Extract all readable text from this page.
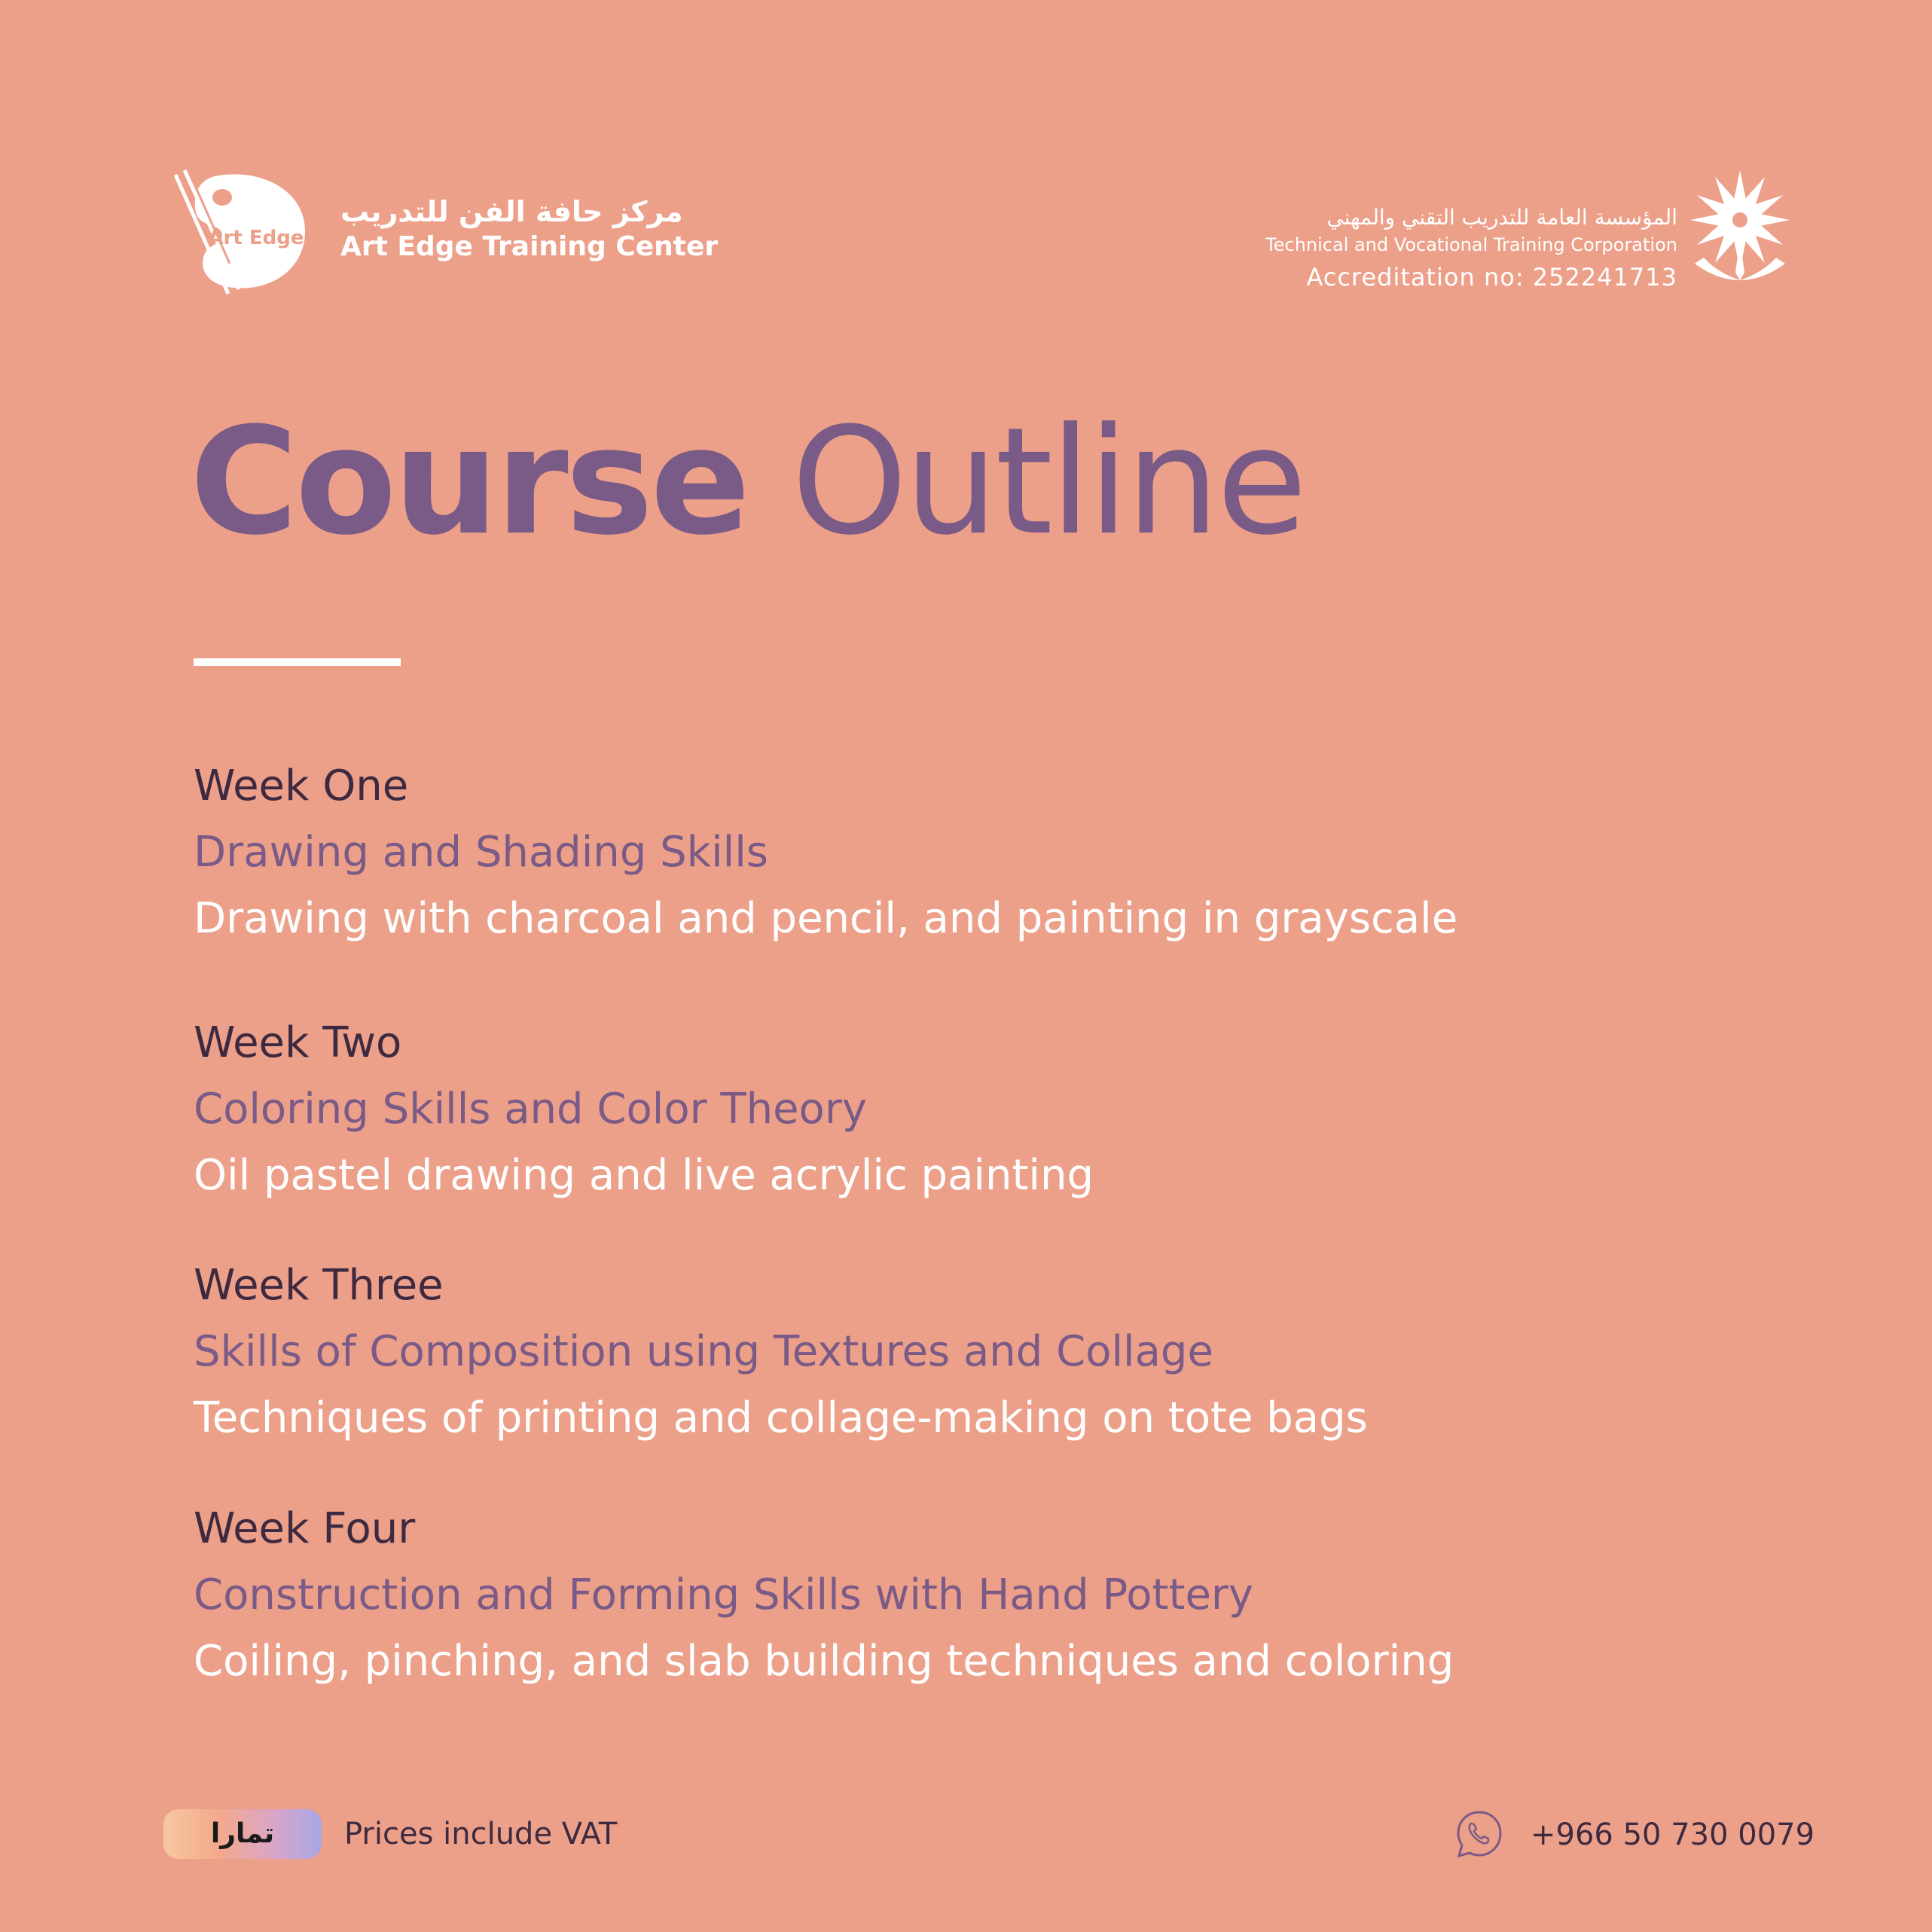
Art Edge
مركز حافة الفن للتدريب
Art Edge Training Center
المؤسسة العامة للتدريب التقني والمهني
Technical and Vocational Training Corporation
Accreditation no: 252241713
Course Outline
Week One
Drawing and Shading Skills
Drawing with charcoal and pencil, and painting in grayscale
Week Two
Coloring Skills and Color Theory
Oil pastel drawing and live acrylic painting
Week Three
Skills of Composition using Textures and Collage
Techniques of printing and collage-making on tote bags
Week Four
Construction and Forming Skills with Hand Pottery
Coiling, pinching, and slab building techniques and coloring
تمارا Prices include VAT	+966 50 730 0079
